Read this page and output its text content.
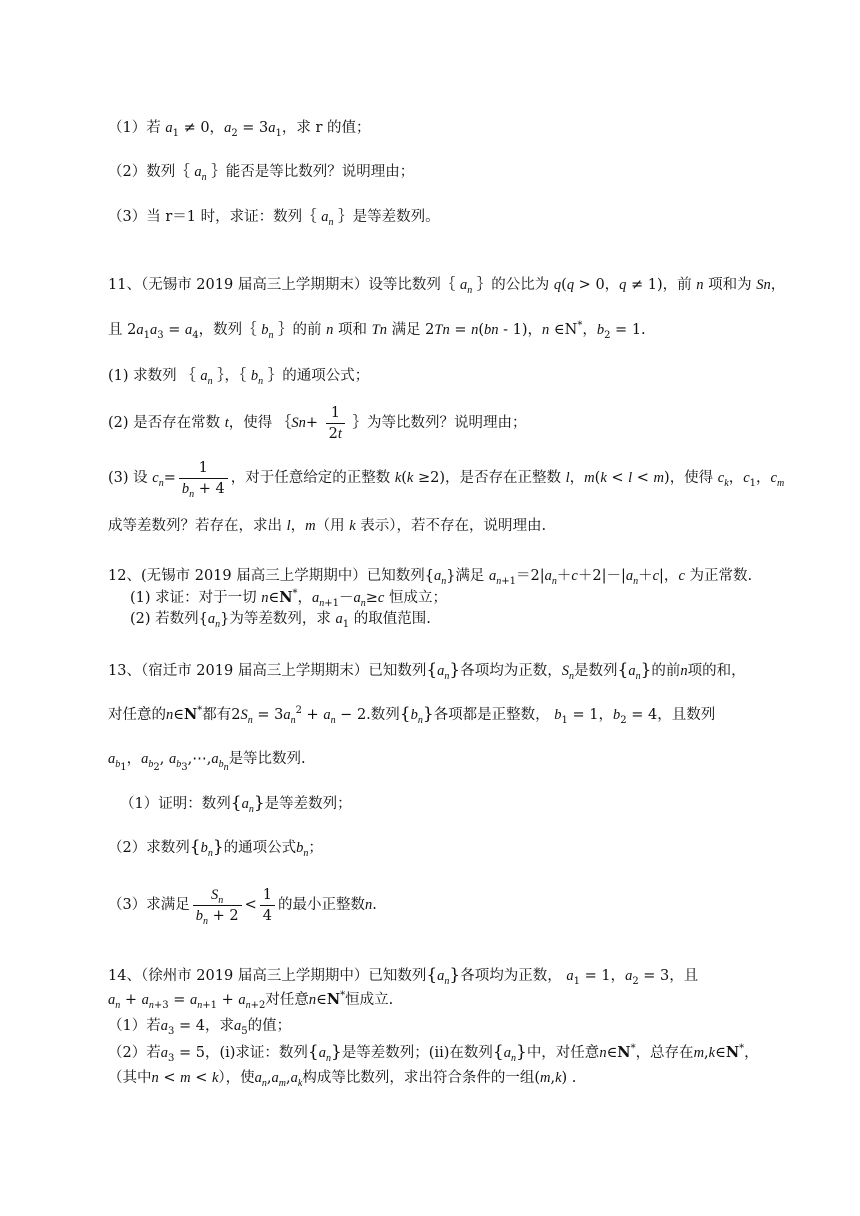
（1）若 $a_1 \ne 0$，$a_2 = 3a_1$，求 r 的值；
（2）数列｛ $a_n$ ｝能否是等比数列？说明理由；
（3）当 r＝1 时，求证：数列｛ $a_n$ ｝是等差数列。
11、（无锡市 2019 届高三上学期期末）设等比数列｛ $a_n$ ｝的公比为 q(q > 0，q ≠ 1)，前 n 项和为 Sn，
且 $2a_1a_3 = a_4$，数列｛ $b_n$ ｝的前 n 项和 Tn 满足 2Tn = n(bn - 1)，n ∈N*，$b_2 = 1$.
(1) 求数列 ｛ $a_n$ ｝，｛ $b_n$ ｝的通项公式；
(2) 是否存在常数 t，使得 ｛Sn+ $\frac{1}{2t}$ ｝为等比数列？说明理由；
(3) 设 $c_n= \frac{1}{b_n + 4}$ ，对于任意给定的正整数 k(k ≥2)，是否存在正整数 l，m(k < l < m)，使得 $c_k$，$c_1$，$c_m$
成等差数列？若存在，求出 l，m（用 k 表示），若不存在，说明理由.
12、(无锡市 2019 届高三上学期期中）已知数列$\{a_n\}$满足 $a_{n+1}=2|a_n+c+2|-|a_n+c|$，c 为正常数.
(1) 求证：对于一切 n∈N*，$a_{n+1}-a_n\ge c$ 恒成立；
(2) 若数列$\{a_n\}$为等差数列，求 $a_1$ 的取值范围.
13、（宿迁市 2019 届高三上学期期末）已知数列$\{a_n\}$各项均为正数，$S_n$是数列$\{a_n\}$的前n项的和，
对任意的n∈N*都有$2S_n = 3a_n^2 + a_n - 2$.数列$\{b_n\}$各项都是正整数， $b_1 = 1$，$b_2 = 4$，且数列
$a_{b_1}$，$a_{b_2}$, $a_{b_3},\cdots,a_{b_n}$是等比数列.
（1）证明：数列$\{a_n\}$是等差数列；
（2）求数列$\{b_n\}$的通项公式$b_n$；
（3）求满足 $\frac{S_n}{b_n + 2} < \frac{1}{4}$ 的最小正整数n.
14、（徐州市 2019 届高三上学期期中）已知数列$\{a_n\}$各项均为正数， $a_1 = 1$，$a_2 = 3$，且
$a_n + a_{n+3} = a_{n+1} + a_{n+2}$对任意n∈N*恒成立.
（1）若$a_3 = 4$，求$a_5$的值；
（2）若$a_3 = 5$，(ⅰ)求证：数列$\{a_n\}$是等差数列；(ⅱ)在数列$\{a_n\}$中，对任意n∈N*，总存在m,k∈N*，
（其中n < m < k），使$a_n,a_m,a_k$构成等比数列，求出符合条件的一组(m,k) .
